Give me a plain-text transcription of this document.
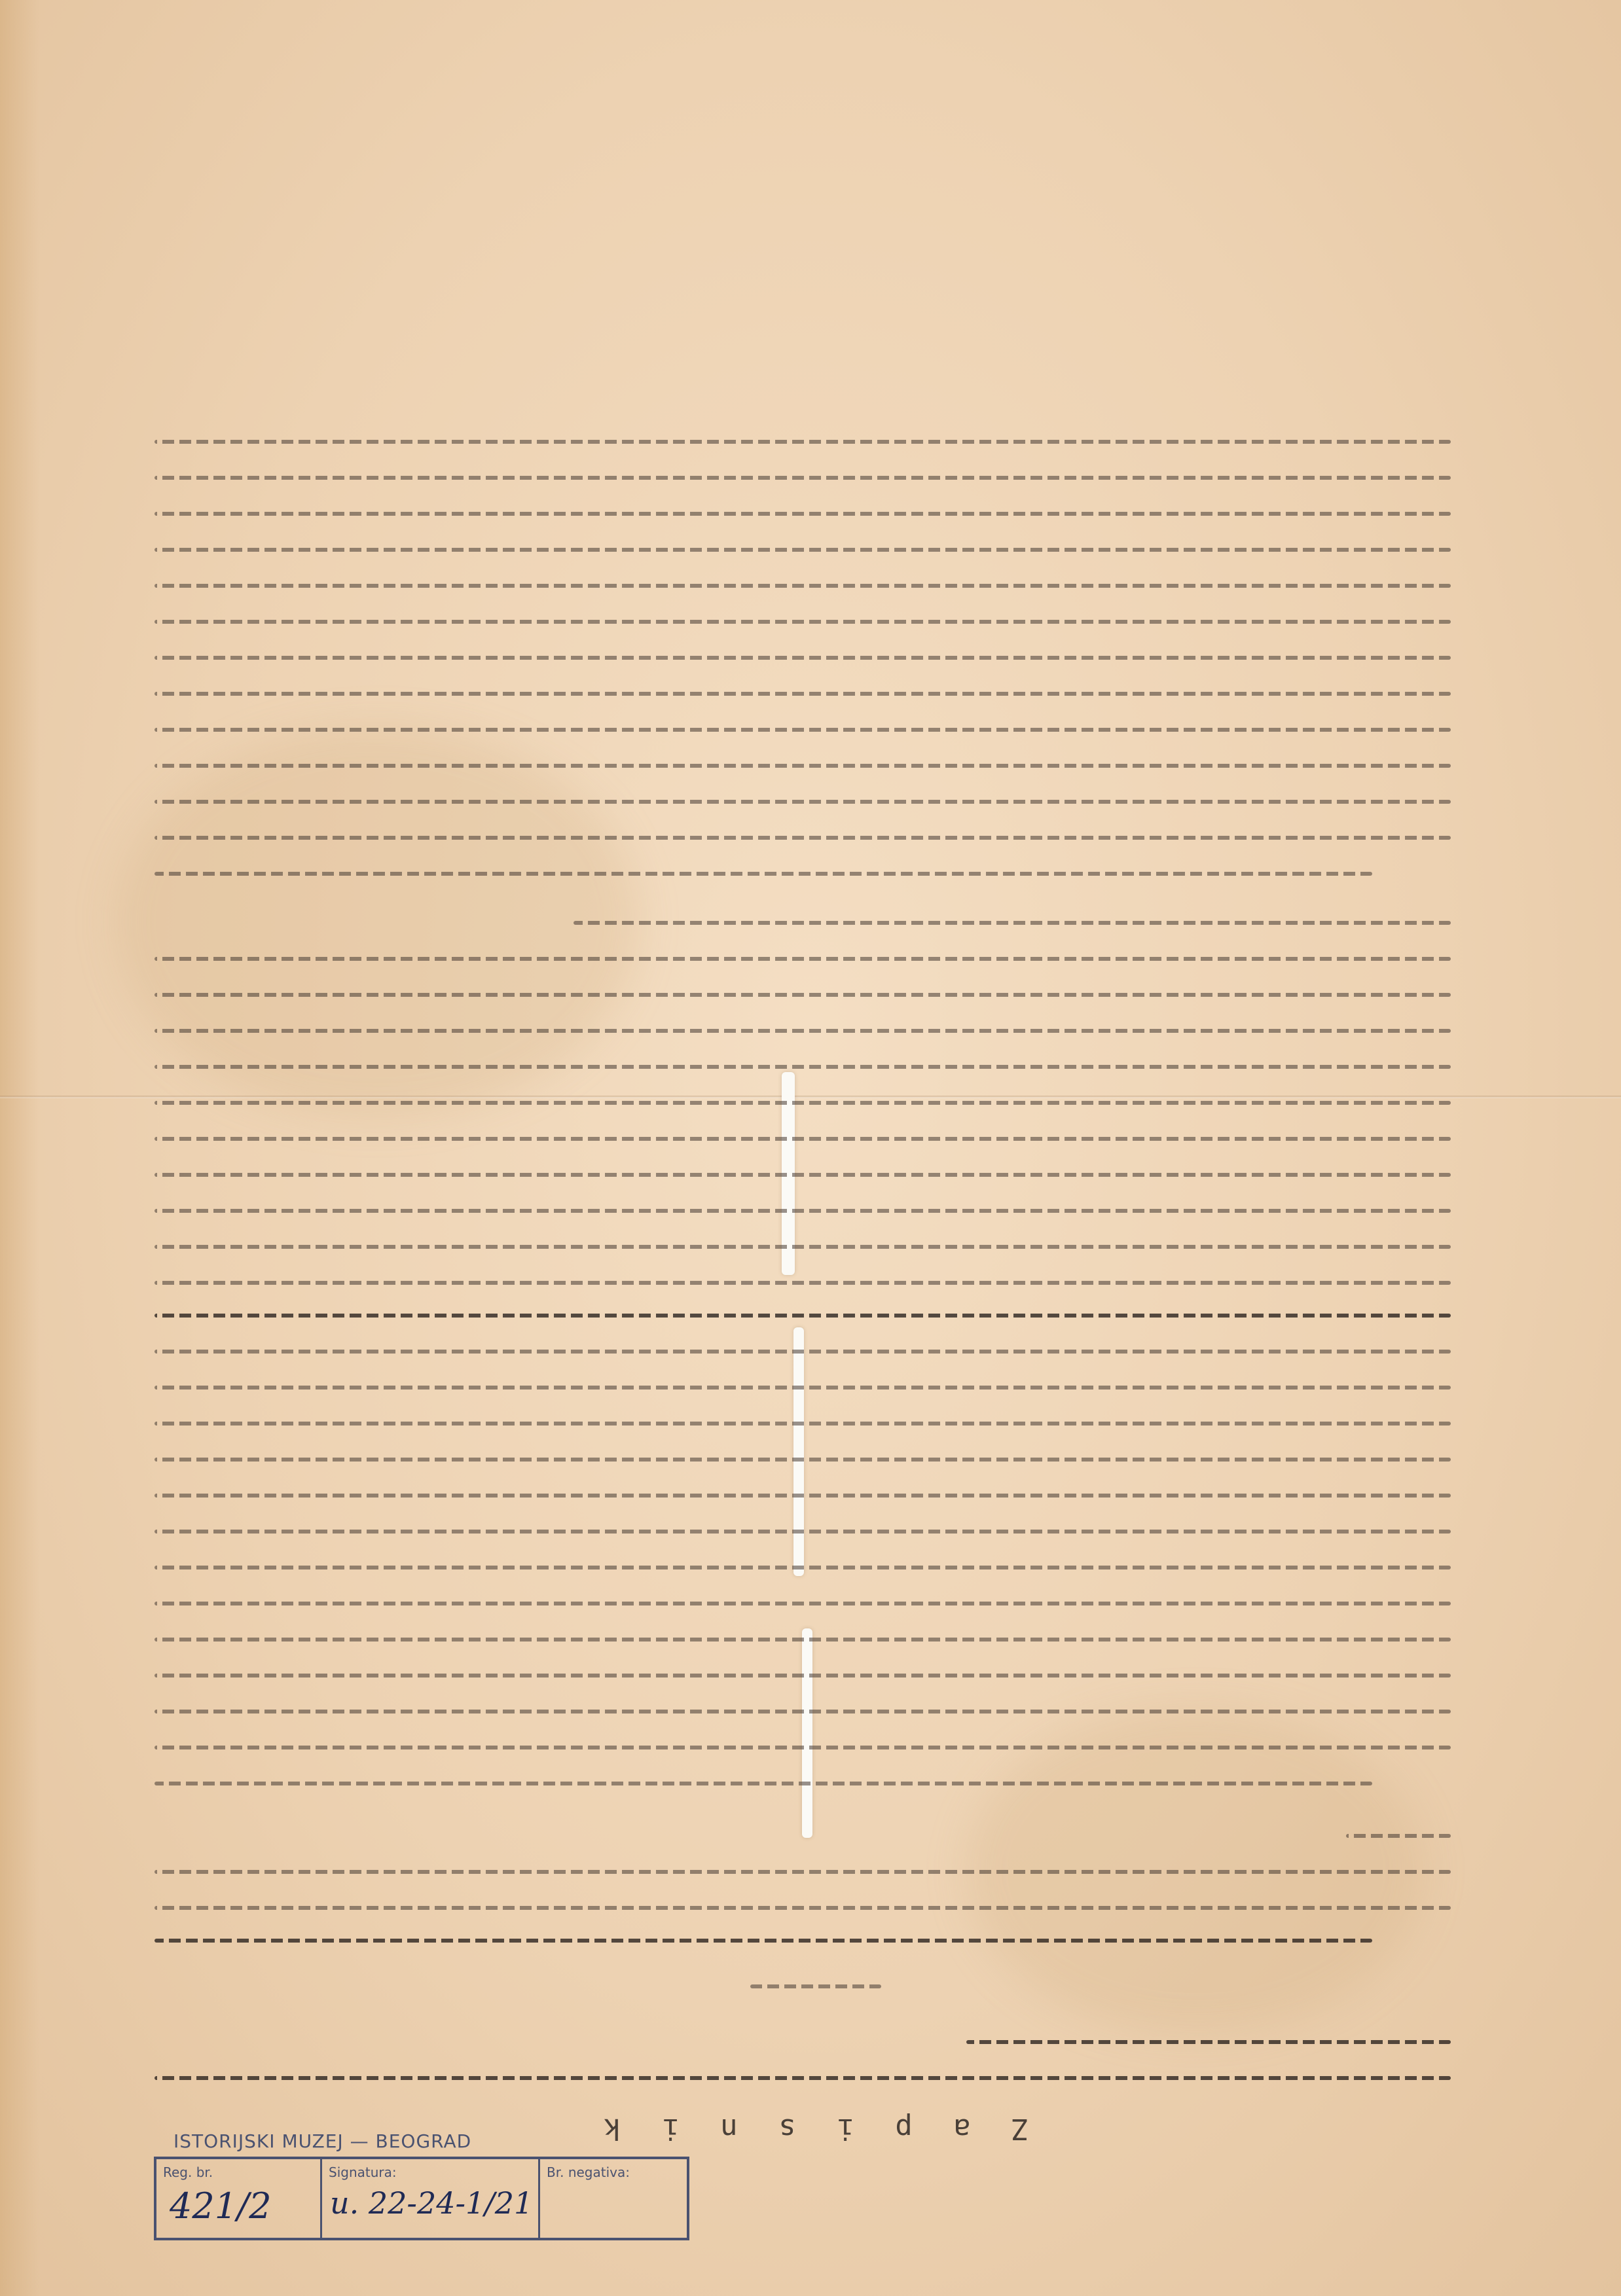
Z a p i s n i k
ISTORIJSKI MUZEJ — BEOGRAD
Reg. br.
421/2
Signatura:
u. 22-24-1/21
Br. negativa:
